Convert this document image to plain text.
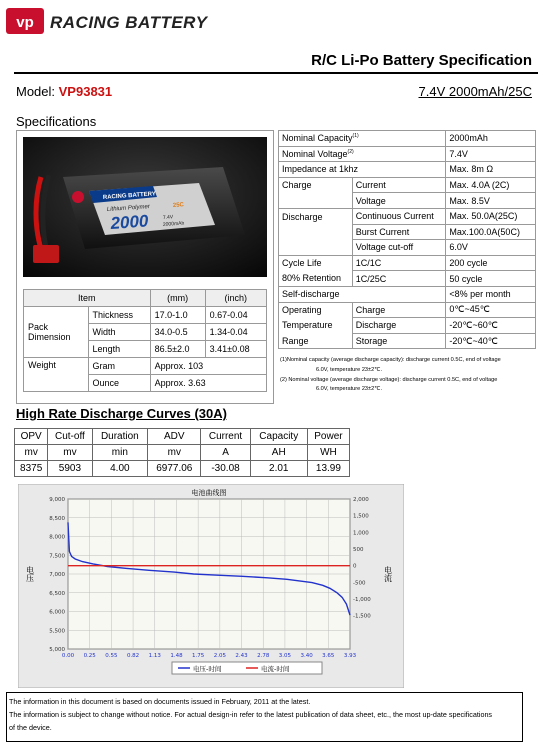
vp RACING BATTERY
R/C Li-Po Battery Specification
Model: VP93831	7.4V 2000mAh/25C
Specifications
RACING BATTERY
Lithium Polymer	25C
2000	7.4V
2000mAh
Item		(mm)	(inch)

Pack
Dimension	Thickness	17.0-1.0	0.67-0.04
	Width	34.0-0.5	1.34-0.04
	Length	86.5±2.0	3.41±0.08
Weight	Gram	Approx. 103	
	Ounce	Approx. 3.63	
Nominal Capacity$^{(1)}$		2000mAh
Nominal Voltage$^{(2)}$		7.4V
Impedance at 1khz		Max. 8m Ω
Charge	Current	Max. 4.0A (2C)
	Voltage	Max. 8.5V
Discharge	Continuous Current	Max. 50.0A(25C)
	Burst Current	Max.100.0A(50C)
	Voltage cut-off	6.0V
Cycle Life	1C/1C	200 cycle
80% Retention	1C/25C	50 cycle
Self-discharge		<8% per month
Operating	Charge	0℃~45℃
Temperature	Discharge	-20℃~60℃
Range	Storage	-20℃~40℃

(1)Nominal capacity (average discharge capacity): discharge current 0.5C, end of voltage

6.0V, temperature 23±2℃.

(2) Nominal voltage (average discharge voltage): discharge current 0.5C, end of voltage

6.0V, temperature 23±2℃.

High Rate Discharge Curves (30A)
OPV	Cut-off	Duration	ADV	Current	Capacity	Power
mv	mv	min	mv	A	AH	WH
8375	5903	4.00	6977.06	-30.08	2.01	13.99
电池曲线图
电压	电流
0.00 0.25 0.55 0.82 1.13 1.48 1.75 2.05 2.43 2.78 3.05 3.40 3.65 3.93
9,000
8,500
8,000
7,500
7,000
6,500
6,000
5,500
5,000
2,000
1,500
1,000
500
0
-500
-1,000
-1,500
电压-时间	电流-时间

The information in this document is based on documents issued in February, 2011 at the latest.

The information is subject to change without notice. For actual design-in refer to the latest publication of data sheet, etc., the most up-date specifications

of the device.
